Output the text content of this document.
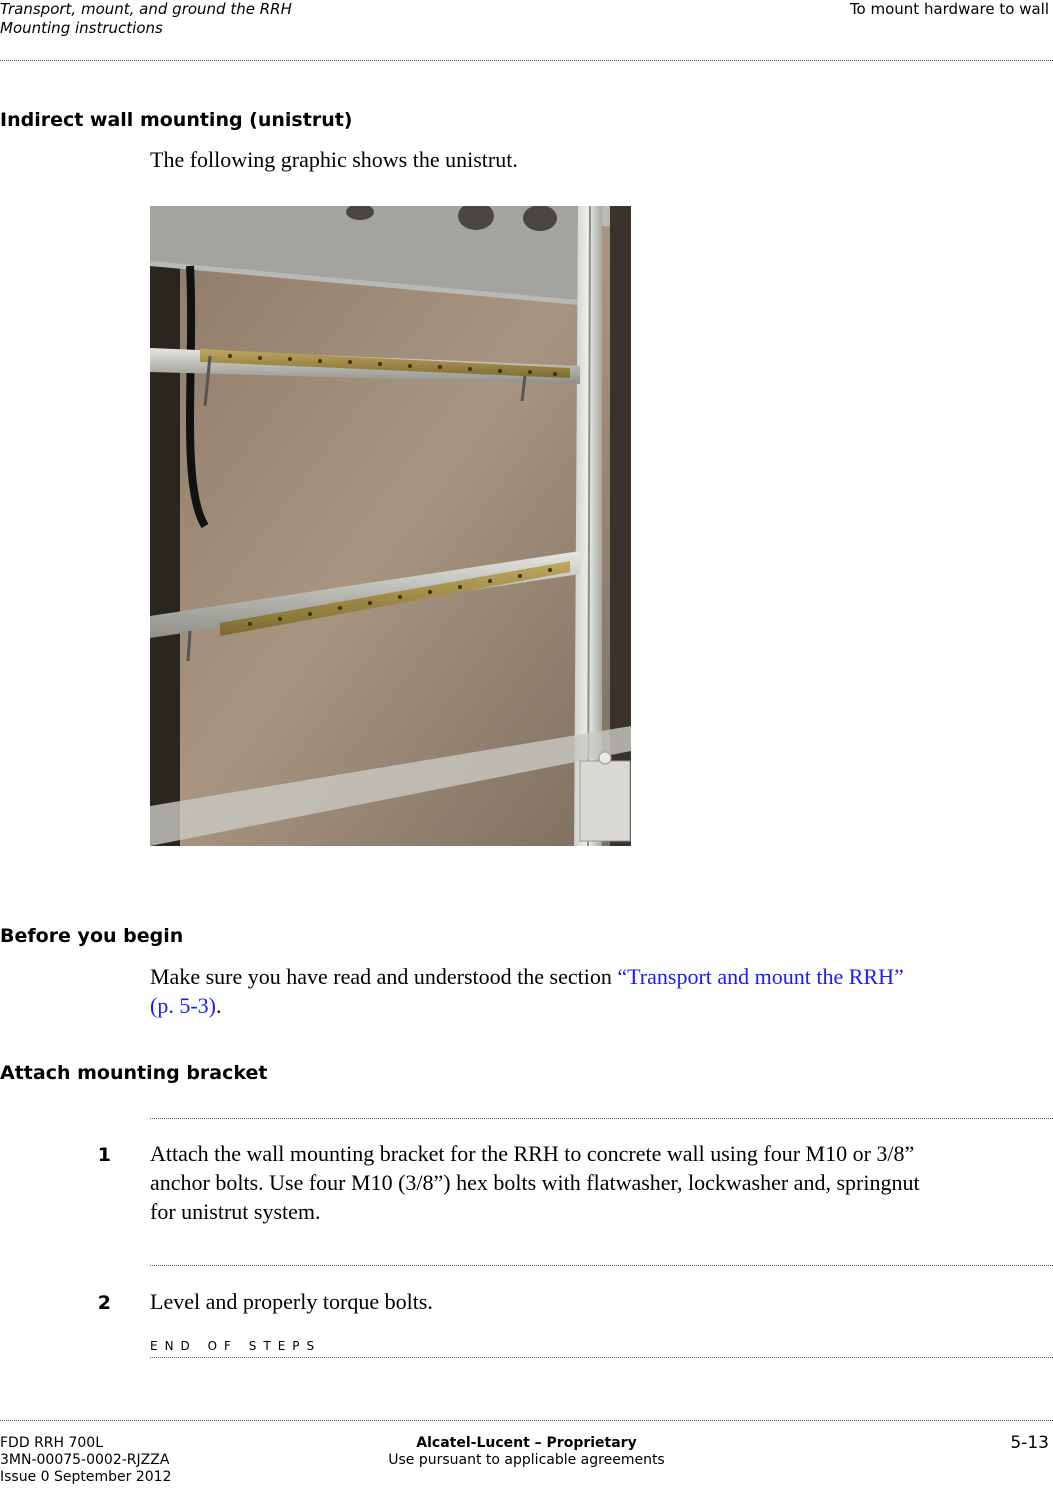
Transport, mount, and ground the RRH
Mounting instructions
To mount hardware to wall
Indirect wall mounting (unistrut)
The following graphic shows the unistrut.
Before you begin
Make sure you have read and understood the section “Transport and mount the RRH”
(p. 5-3).
Attach mounting bracket
1 Attach the wall mounting bracket for the RRH to concrete wall using four M10 or 3/8”
anchor bolts. Use four M10 (3/8”) hex bolts with flatwasher, lockwasher and, springnut
for unistrut system.
2 Level and properly torque bolts.
END OF STEPS
FDD RRH 700L
3MN-00075-0002-RJZZA
Issue 0 September 2012
Alcatel-Lucent – Proprietary
Use pursuant to applicable agreements
5-13
